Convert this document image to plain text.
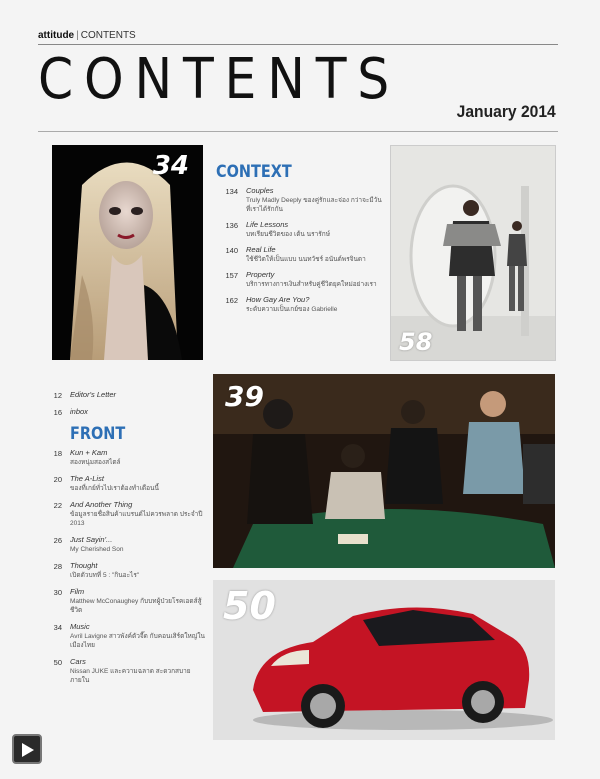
attitude | CONTENTS
CONTENTS	January 2014
34
58
39
50
CONTEXT
134 Couples
Truly Madly Deeply ของคู่รักและจ่อง กว่าจะมีวันที่เราได้รักกัน
136 Life Lessons
บทเรียนชีวิตของ เต้น นรารักษ์
140 Real Life
ใช้ชีวิตให้เป็นแบบ นนทวัชร์ อนันต์พรจินดา
157 Property
บริการทางการเงินสำหรับคู่ชีวิตยุคใหม่อย่างเรา
162 How Gay Are You?
ระดับความเป็นเกย์ของ Gabrielle
12 Editor's Letter
16 inbox
FRONT
18 Kun + Kam
สองหนุ่มสองสไตล์
20 The A-List
ของที่เกย์ทั่วไปเราต้องทำเดือนนี้
22 And Another Thing
ข้อมูลรายชื่อสินค้าแบรนด์ไม่ควรพลาด ประจำปี 2013
26 Just Sayin'...
My Cherished Son
28 Thought
เปิดตัวบทที่ 5 : "กินอะไร"
30 Film
Matthew McConaughey กับบทผู้ป่วยโรคเอดส์สู้ชีวิต
34 Music
Avril Lavigne สาวพังค์ตัวจี๊ด กับคอนเสิร์ตใหญ่ในเมืองไทย
50 Cars
Nissan JUKE และความฉลาด สะดวกสบายภายใน
